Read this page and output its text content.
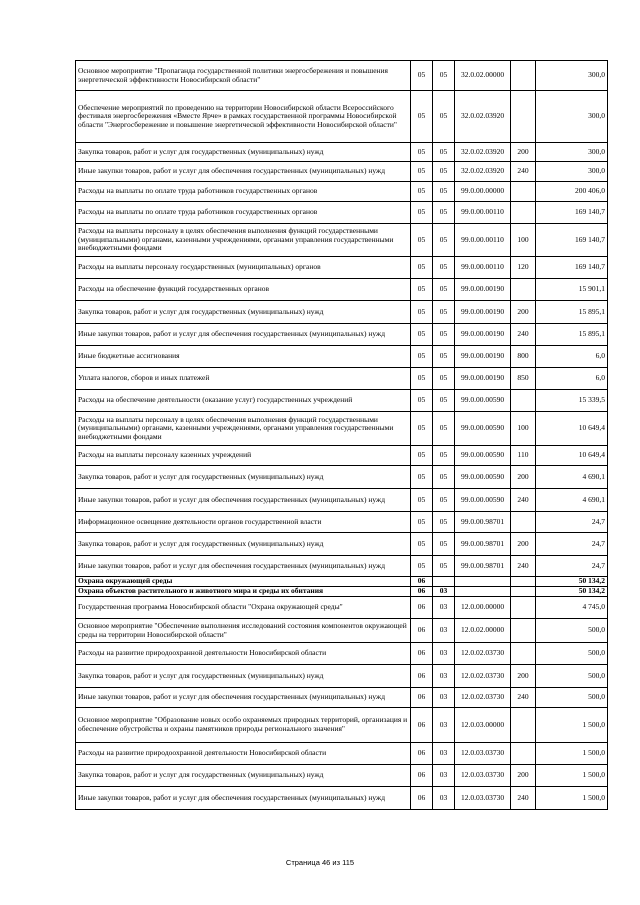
Основное мероприятие "Пропаганда государственной политики энергосбережения и повышения энергетической эффективности Новосибирской области"	05	05	32.0.02.00000		300,0
Обеспечение мероприятий по проведению на территории Новосибирской области Всероссийского фестиваля энергосбережения «Вместе Ярче» в рамках государственной программы Новосибирской области "Энергосбережение и повышение энергетической эффективности Новосибирской области"	05	05	32.0.02.03920		300,0
Закупка товаров, работ и услуг для государственных (муниципальных) нужд	05	05	32.0.02.03920	200	300,0
Иные закупки товаров, работ и услуг для обеспечения государственных (муниципальных) нужд	05	05	32.0.02.03920	240	300,0
Расходы на выплаты по оплате труда работников государственных органов	05	05	99.0.00.00000		200 406,0
Расходы на выплаты по оплате труда работников государственных органов	05	05	99.0.00.00110		169 140,7
Расходы на выплаты персоналу в целях обеспечения выполнения функций государственными (муниципальными) органами, казенными учреждениями, органами управления государственными внебюджетными фондами	05	05	99.0.00.00110	100	169 140,7
Расходы на выплаты персоналу государственных (муниципальных) органов	05	05	99.0.00.00110	120	169 140,7
Расходы на обеспечение функций государственных органов	05	05	99.0.00.00190		15 901,1
Закупка товаров, работ и услуг для государственных (муниципальных) нужд	05	05	99.0.00.00190	200	15 895,1
Иные закупки товаров, работ и услуг для обеспечения государственных (муниципальных) нужд	05	05	99.0.00.00190	240	15 895,1
Иные бюджетные ассигнования	05	05	99.0.00.00190	800	6,0
Уплата налогов, сборов и иных платежей	05	05	99.0.00.00190	850	6,0
Расходы на обеспечение деятельности (оказание услуг) государственных учреждений	05	05	99.0.00.00590		15 339,5
Расходы на выплаты персоналу в целях обеспечения выполнения функций государственными (муниципальными) органами, казенными учреждениями, органами управления государственными внебюджетными фондами	05	05	99.0.00.00590	100	10 649,4
Расходы на выплаты персоналу казенных учреждений	05	05	99.0.00.00590	110	10 649,4
Закупка товаров, работ и услуг для государственных (муниципальных) нужд	05	05	99.0.00.00590	200	4 690,1
Иные закупки товаров, работ и услуг для обеспечения государственных (муниципальных) нужд	05	05	99.0.00.00590	240	4 690,1
Информационное освещение деятельности органов государственной власти	05	05	99.0.00.98701		24,7
Закупка товаров, работ и услуг для государственных (муниципальных) нужд	05	05	99.0.00.98701	200	24,7
Иные закупки товаров, работ и услуг для обеспечения государственных (муниципальных) нужд	05	05	99.0.00.98701	240	24,7
Охрана окружающей среды	06				50 134,2
Охрана объектов растительного и животного мира и среды их обитания	06	03			50 134,2
Государственная программа Новосибирской области "Охрана окружающей среды"	06	03	12.0.00.00000		4 745,0
Основное мероприятие "Обеспечение выполнения исследований состояния компонентов окружающей среды на территории Новосибирской области"	06	03	12.0.02.00000		500,0
Расходы на развитие природоохранной деятельности Новосибирской области	06	03	12.0.02.03730		500,0
Закупка товаров, работ и услуг для государственных (муниципальных) нужд	06	03	12.0.02.03730	200	500,0
Иные закупки товаров, работ и услуг для обеспечения государственных (муниципальных) нужд	06	03	12.0.02.03730	240	500,0
Основное мероприятие "Образование новых особо охраняемых природных территорий, организация и обеспечение обустройства и охраны памятников природы регионального значения"	06	03	12.0.03.00000		1 500,0
Расходы на развитие природоохранной деятельности Новосибирской области	06	03	12.0.03.03730		1 500,0
Закупка товаров, работ и услуг для государственных (муниципальных) нужд	06	03	12.0.03.03730	200	1 500,0
Иные закупки товаров, работ и услуг для обеспечения государственных (муниципальных) нужд	06	03	12.0.03.03730	240	1 500,0
Страница 46 из 115
